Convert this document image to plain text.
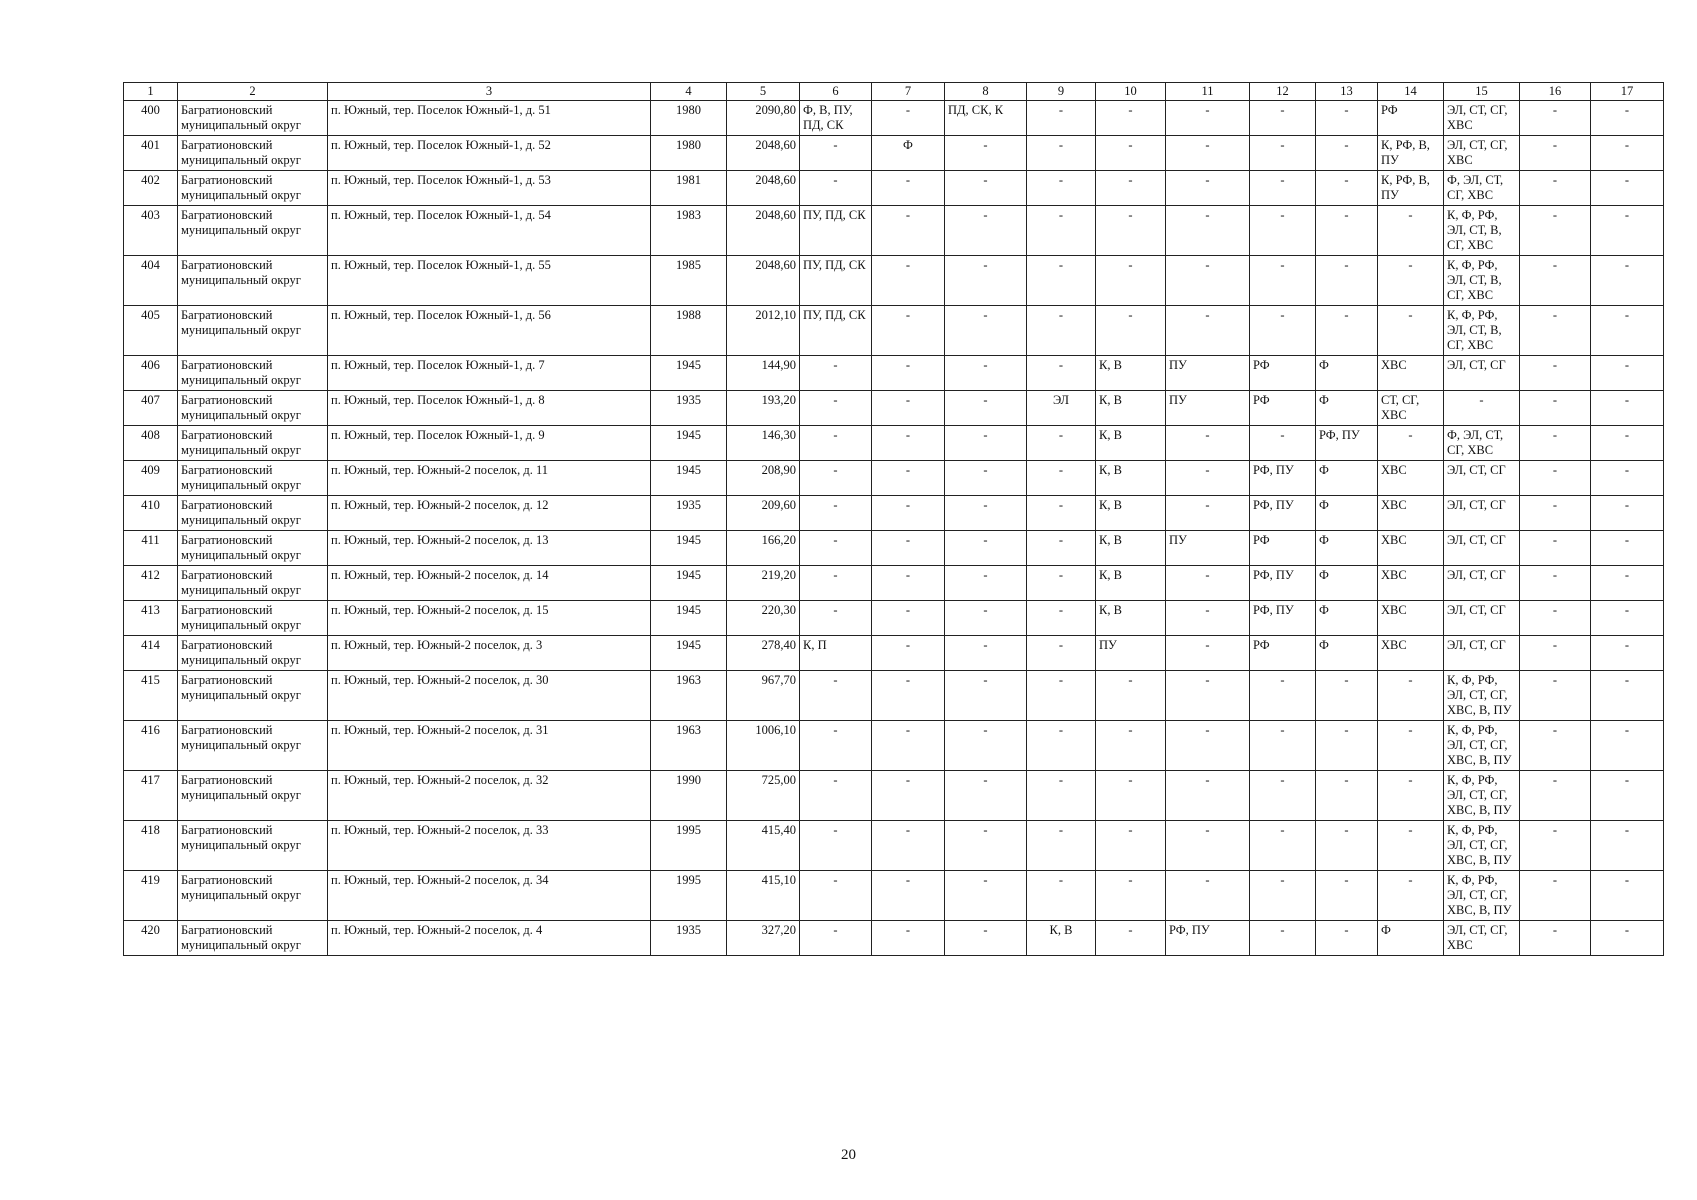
1	2	3	4	5	6	7	8	9	10	11	12	13	14	15	16	17
400	Багратионовский муниципальный округ	п. Южный, тер. Поселок Южный-1, д. 51	1980	2090,80	Ф, В, ПУ, ПД, СК	-	ПД, СК, К	-	-	-	-	-	РФ	ЭЛ, СТ, СГ, ХВС	-	-
401	Багратионовский муниципальный округ	п. Южный, тер. Поселок Южный-1, д. 52	1980	2048,60	-	Ф	-	-	-	-	-	-	К, РФ, В, ПУ	ЭЛ, СТ, СГ, ХВС	-	-
402	Багратионовский муниципальный округ	п. Южный, тер. Поселок Южный-1, д. 53	1981	2048,60	-	-	-	-	-	-	-	-	К, РФ, В, ПУ	Ф, ЭЛ, СТ, СГ, ХВС	-	-
403	Багратионовский муниципальный округ	п. Южный, тер. Поселок Южный-1, д. 54	1983	2048,60	ПУ, ПД, СК	-	-	-	-	-	-	-	-	К, Ф, РФ, ЭЛ, СТ, В, СГ, ХВС	-	-
404	Багратионовский муниципальный округ	п. Южный, тер. Поселок Южный-1, д. 55	1985	2048,60	ПУ, ПД, СК	-	-	-	-	-	-	-	-	К, Ф, РФ, ЭЛ, СТ, В, СГ, ХВС	-	-
405	Багратионовский муниципальный округ	п. Южный, тер. Поселок Южный-1, д. 56	1988	2012,10	ПУ, ПД, СК	-	-	-	-	-	-	-	-	К, Ф, РФ, ЭЛ, СТ, В, СГ, ХВС	-	-
406	Багратионовский муниципальный округ	п. Южный, тер. Поселок Южный-1, д. 7	1945	144,90	-	-	-	-	К, В	ПУ	РФ	Ф	ХВС	ЭЛ, СТ, СГ	-	-
407	Багратионовский муниципальный округ	п. Южный, тер. Поселок Южный-1, д. 8	1935	193,20	-	-	-	ЭЛ	К, В	ПУ	РФ	Ф	СТ, СГ, ХВС	-	-	-
408	Багратионовский муниципальный округ	п. Южный, тер. Поселок Южный-1, д. 9	1945	146,30	-	-	-	-	К, В	-	-	РФ, ПУ	-	Ф, ЭЛ, СТ, СГ, ХВС	-	-
409	Багратионовский муниципальный округ	п. Южный, тер. Южный-2 поселок, д. 11	1945	208,90	-	-	-	-	К, В	-	РФ, ПУ	Ф	ХВС	ЭЛ, СТ, СГ	-	-
410	Багратионовский муниципальный округ	п. Южный, тер. Южный-2 поселок, д. 12	1935	209,60	-	-	-	-	К, В	-	РФ, ПУ	Ф	ХВС	ЭЛ, СТ, СГ	-	-
411	Багратионовский муниципальный округ	п. Южный, тер. Южный-2 поселок, д. 13	1945	166,20	-	-	-	-	К, В	ПУ	РФ	Ф	ХВС	ЭЛ, СТ, СГ	-	-
412	Багратионовский муниципальный округ	п. Южный, тер. Южный-2 поселок, д. 14	1945	219,20	-	-	-	-	К, В	-	РФ, ПУ	Ф	ХВС	ЭЛ, СТ, СГ	-	-
413	Багратионовский муниципальный округ	п. Южный, тер. Южный-2 поселок, д. 15	1945	220,30	-	-	-	-	К, В	-	РФ, ПУ	Ф	ХВС	ЭЛ, СТ, СГ	-	-
414	Багратионовский муниципальный округ	п. Южный, тер. Южный-2 поселок, д. 3	1945	278,40	К, П	-	-	-	ПУ	-	РФ	Ф	ХВС	ЭЛ, СТ, СГ	-	-
415	Багратионовский муниципальный округ	п. Южный, тер. Южный-2 поселок, д. 30	1963	967,70	-	-	-	-	-	-	-	-	-	К, Ф, РФ, ЭЛ, СТ, СГ, ХВС, В, ПУ	-	-
416	Багратионовский муниципальный округ	п. Южный, тер. Южный-2 поселок, д. 31	1963	1006,10	-	-	-	-	-	-	-	-	-	К, Ф, РФ, ЭЛ, СТ, СГ, ХВС, В, ПУ	-	-
417	Багратионовский муниципальный округ	п. Южный, тер. Южный-2 поселок, д. 32	1990	725,00	-	-	-	-	-	-	-	-	-	К, Ф, РФ, ЭЛ, СТ, СГ, ХВС, В, ПУ	-	-
418	Багратионовский муниципальный округ	п. Южный, тер. Южный-2 поселок, д. 33	1995	415,40	-	-	-	-	-	-	-	-	-	К, Ф, РФ, ЭЛ, СТ, СГ, ХВС, В, ПУ	-	-
419	Багратионовский муниципальный округ	п. Южный, тер. Южный-2 поселок, д. 34	1995	415,10	-	-	-	-	-	-	-	-	-	К, Ф, РФ, ЭЛ, СТ, СГ, ХВС, В, ПУ	-	-
420	Багратионовский муниципальный округ	п. Южный, тер. Южный-2 поселок, д. 4	1935	327,20	-	-	-	К, В	-	РФ, ПУ	-	-	Ф	ЭЛ, СТ, СГ, ХВС	-	-
20
